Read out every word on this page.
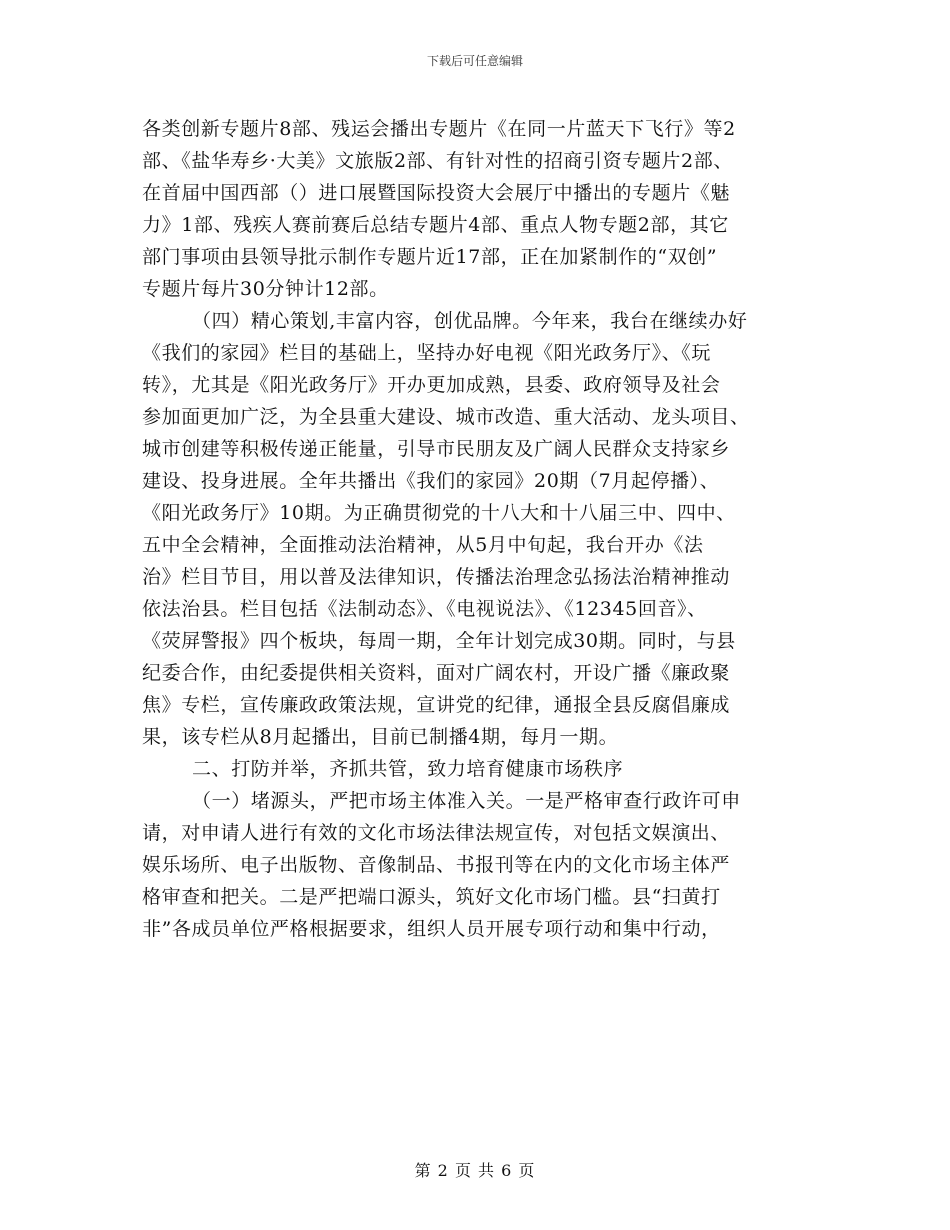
下载后可任意编辑
各类创新专题片8部、残运会播出专题片《在同一片蓝天下飞行》等2
部、《盐华寿乡·大美》文旅版2部、有针对性的招商引资专题片2部、
在首届中国西部（）进口展暨国际投资大会展厅中播出的专题片《魅
力》1部、残疾人赛前赛后总结专题片4部、重点人物专题2部，其它
部门事项由县领导批示制作专题片近17部，正在加紧制作的“双创”
专题片每片30分钟计12部。
（四）精心策划,丰富内容，创优品牌。今年来，我台在继续办好
《我们的家园》栏目的基础上，坚持办好电视《阳光政务厅》、《玩
转》，尤其是《阳光政务厅》开办更加成熟，县委、政府领导及社会
参加面更加广泛，为全县重大建设、城市改造、重大活动、龙头项目、
城市创建等积极传递正能量，引导市民朋友及广阔人民群众支持家乡
建设、投身进展。全年共播出《我们的家园》20期（7月起停播）、
《阳光政务厅》10期。为正确贯彻党的十八大和十八届三中、四中、
五中全会精神，全面推动法治精神，从5月中旬起，我台开办《法
治》栏目节目，用以普及法律知识，传播法治理念弘扬法治精神推动
依法治县。栏目包括《法制动态》、《电视说法》、《12345回音》、
《荧屏警报》四个板块，每周一期，全年计划完成30期。同时，与县
纪委合作，由纪委提供相关资料，面对广阔农村，开设广播《廉政聚
焦》专栏，宣传廉政政策法规，宣讲党的纪律，通报全县反腐倡廉成
果，该专栏从8月起播出，目前已制播4期，每月一期。
二、打防并举，齐抓共管，致力培育健康市场秩序
（一）堵源头，严把市场主体准入关。一是严格审查行政许可申
请，对申请人进行有效的文化市场法律法规宣传，对包括文娱演出、
娱乐场所、电子出版物、音像制品、书报刊等在内的文化市场主体严
格审查和把关。二是严把端口源头，筑好文化市场门槛。县“扫黄打
非”各成员单位严格根据要求，组织人员开展专项行动和集中行动，
第 2 页 共 6 页
